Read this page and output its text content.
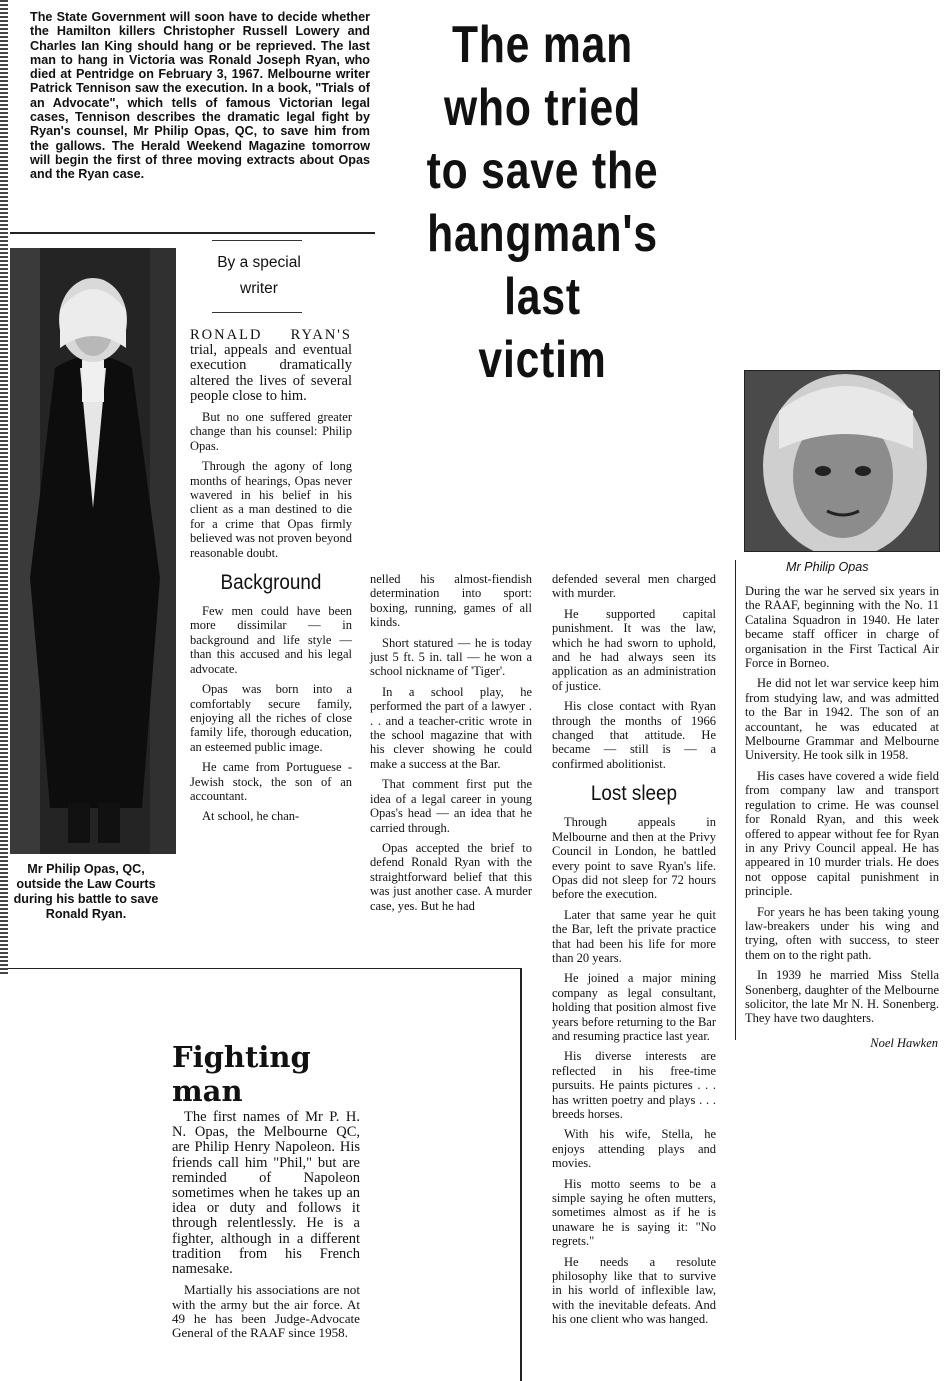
The State Government will soon have to decide whether the Hamilton killers Christopher Russell Lowery and Charles Ian King should hang or be reprieved. The last man to hang in Victoria was Ronald Joseph Ryan, who died at Pentridge on February 3, 1967. Melbourne writer Patrick Tennison saw the execution. In a book, "Trials of an Advocate", which tells of famous Victorian legal cases, Tennison describes the dramatic legal fight by Ryan's counsel, Mr Philip Opas, QC, to save him from the gallows. The Herald Weekend Magazine tomorrow will begin the first of three moving extracts about Opas and the Ryan case.
The man
who tried
to save the
hangman's
last
victim
By a special
writer
Mr Philip Opas, QC, outside the Law Courts during his battle to save Ronald Ryan.
Mr Philip Opas

RONALD RYAN'S trial, appeals and eventual execution dramatically altered the lives of several people close to him.

But no one suffered greater change than his counsel: Philip Opas.

Through the agony of long months of hearings, Opas never wavered in his belief in his client as a man destined to die for a crime that Opas firmly believed was not proven beyond reasonable doubt.

Background

Few men could have been more dissimilar — in background and life style — than this accused and his legal advocate.

Opas was born into a comfortably secure family, enjoying all the riches of close family life, thorough education, an esteemed public image.

He came from Portuguese - Jewish stock, the son of an accountant.

At school, he chan-

nelled his almost-fiendish determination into sport: boxing, running, games of all kinds.

Short statured — he is today just 5 ft. 5 in. tall — he won a school nickname of 'Tiger'.

In a school play, he performed the part of a lawyer . . . and a teacher-critic wrote in the school magazine that with his clever showing he could make a success at the Bar.

That comment first put the idea of a legal career in young Opas's head — an idea that he carried through.

Opas accepted the brief to defend Ronald Ryan with the straightforward belief that this was just another case. A murder case, yes. But he had

defended several men charged with murder.

He supported capital punishment. It was the law, which he had sworn to uphold, and he had always seen its application as an administration of justice.

His close contact with Ryan through the months of 1966 changed that attitude. He became — still is — a confirmed abolitionist.

Lost sleep

Through appeals in Melbourne and then at the Privy Council in London, he battled every point to save Ryan's life. Opas did not sleep for 72 hours before the execution.

Later that same year he quit the Bar, left the private practice that had been his life for more than 20 years.

He joined a major mining company as legal consultant, holding that position almost five years before returning to the Bar and resuming practice last year.

His diverse interests are reflected in his free-time pursuits. He paints pictures . . . has written poetry and plays . . . breeds horses.

With his wife, Stella, he enjoys attending plays and movies.

His motto seems to be a simple saying he often mutters, sometimes almost as if he is unaware he is saying it: "No regrets."

He needs a resolute philosophy like that to survive in his world of inflexible law, with the inevitable defeats. And his one client who was hanged.

During the war he served six years in the RAAF, beginning with the No. 11 Catalina Squadron in 1940. He later became staff officer in charge of organisation in the First Tactical Air Force in Borneo.

He did not let war service keep him from studying law, and was admitted to the Bar in 1942. The son of an accountant, he was educated at Melbourne Grammar and Melbourne University. He took silk in 1958.

His cases have covered a wide field from company law and transport regulation to crime. He was counsel for Ronald Ryan, and this week offered to appear without fee for Ryan in any Privy Council appeal. He has appeared in 10 murder trials. He does not oppose capital punishment in principle.

For years he has been taking young law-breakers under his wing and trying, often with success, to steer them on to the right path.

In 1939 he married Miss Stella Sonenberg, daughter of the Melbourne solicitor, the late Mr N. H. Sonenberg. They have two daughters.

Noel Hawken
Fighting
man

The first names of Mr P. H. N. Opas, the Melbourne QC, are Philip Henry Napoleon. His friends call him "Phil," but are reminded of Napoleon sometimes when he takes up an idea or duty and follows it through relentlessly. He is a fighter, although in a different tradition from his French namesake.

Martially his associations are not with the army but the air force. At 49 he has been Judge-Advocate General of the RAAF since 1958.
